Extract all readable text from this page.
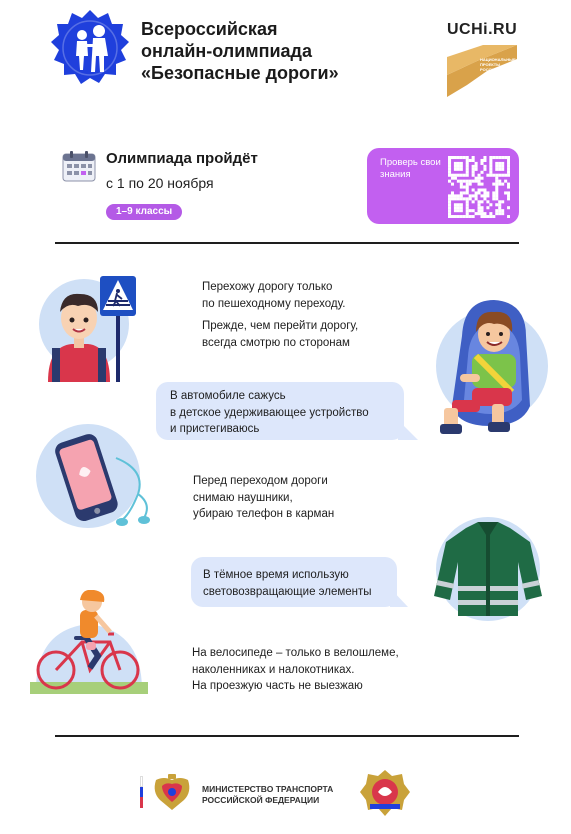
Всероссийская
онлайн-олимпиада
«Безопасные дороги»
UCHi.RU
НАЦИОНАЛЬНЫЕ
ПРОЕКТЫ
РОССИИ
Олимпиада пройдёт
с 1 по 20 ноября
1–9 классы
Проверь свои знания
Перехожу дорогу только
по пешеходному переходу.
Прежде, чем перейти дорогу,
всегда смотрю по сторонам
В автомобиле сажусь
в детское удерживающее устройство
и пристегиваюсь
Перед переходом дороги
снимаю наушники,
убираю телефон в карман
В тёмное время использую
световозвращающие элементы
На велосипеде – только в велошлеме,
наколенниках и налокотниках.
На проезжую часть не выезжаю
МИНИСТЕРСТВО ТРАНСПОРТА
РОССИЙСКОЙ ФЕДЕРАЦИИ
